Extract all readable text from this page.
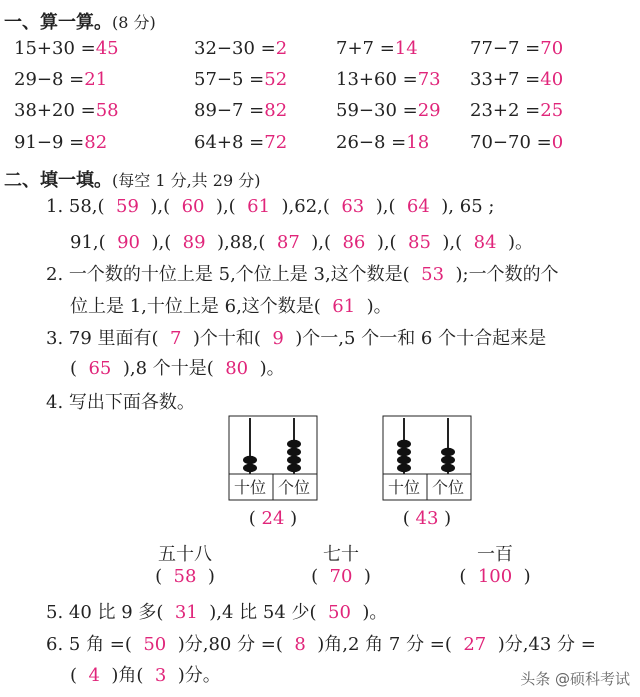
一、算一算。(8 分)
15+30 =45	32−30 =2	7+7 =14	77−7 =70
29−8 =21	57−5 =52	13+60 =73 33+7 =40
38+20 =58	89−7 =82	59−30 =29 23+2 =25
91−9 =82	64+8 =72	26−8 =18 70−70 =0
二、填一填。(每空 1 分,共 29 分)
1. 58,(  59  ),(  60  ),(  61  ),62,(  63  ),(  64  ), 65 ;
91,(  90  ),(  89  ),88,(  87  ),(  86  ),(  85  ),(  84  )。
2. 一个数的十位上是 5,个位上是 3,这个数是(  53  );一个数的个
位上是 1,十位上是 6,这个数是(  61  )。
3. 79 里面有(  7  )个十和(  9  )个一,5 个一和 6 个十合起来是
(  65  ),8 个十是(  80  )。
4. 写出下面各数。
十位 个位
( 24 )
十位 个位
( 43 )
五十八
(  58  )
七十
(  70  )
一百
(  100  )
5. 40 比 9 多(  31  ),4 比 54 少(  50  )。
6. 5 角 =(  50  )分,80 分 =(  8  )角,2 角 7 分 =(  27  )分,43 分 =
(  4  )角(  3  )分。	头条 @硕科考试
